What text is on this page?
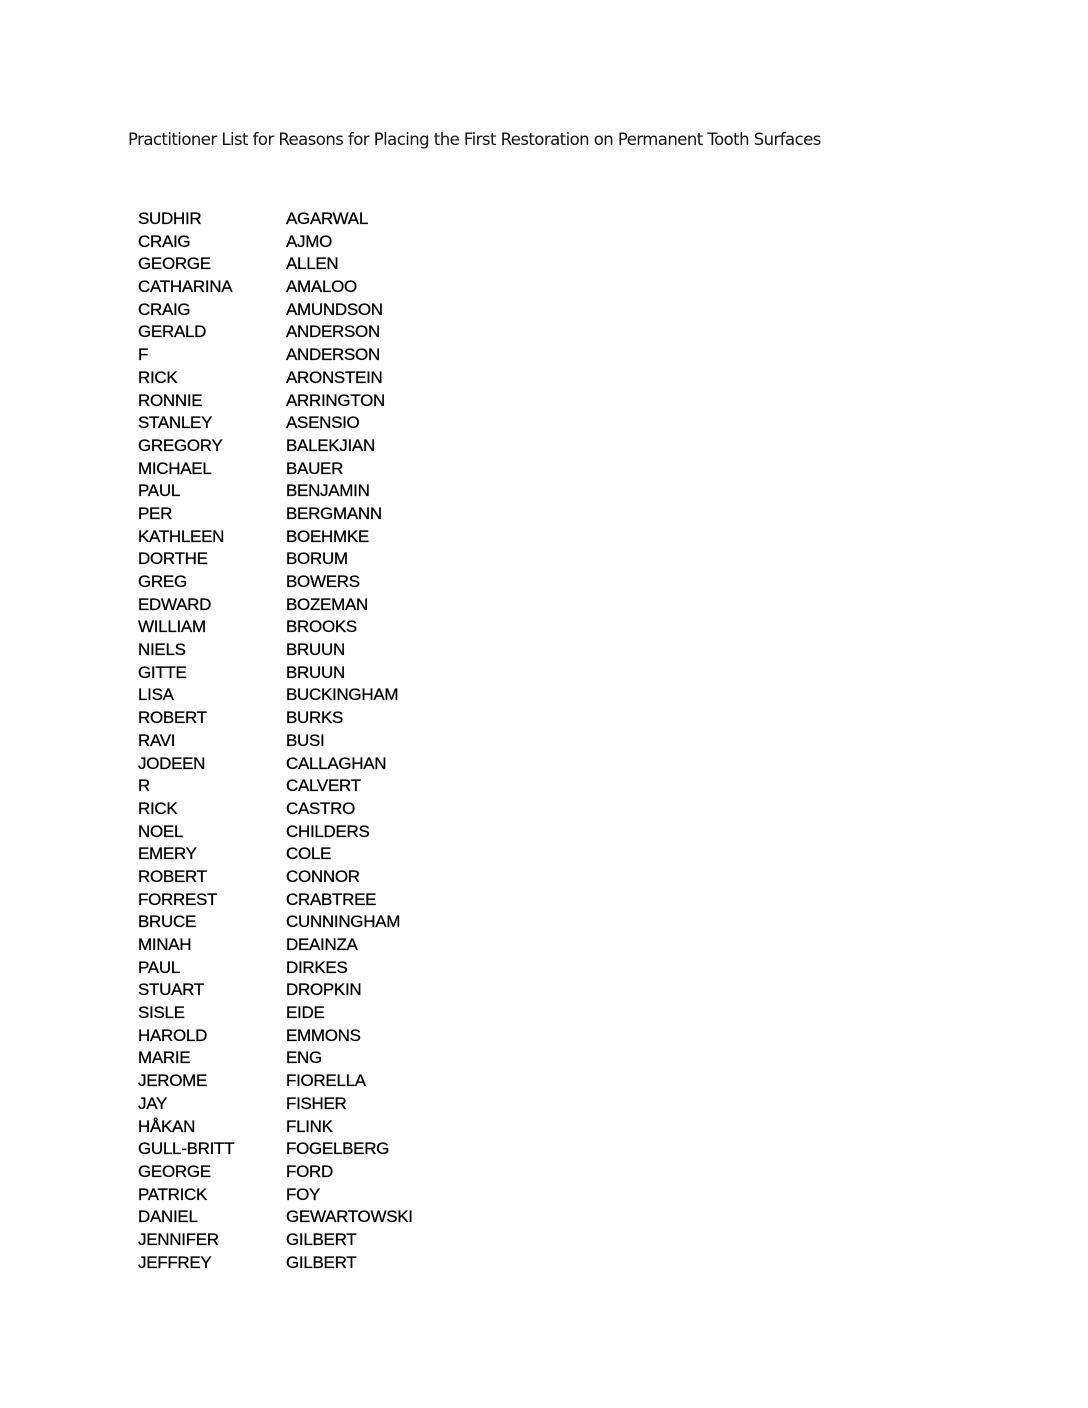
Practitioner List for Reasons for Placing the First Restoration on Permanent Tooth Surfaces
SUDHIR	AGARWAL
CRAIG	AJMO
GEORGE	ALLEN
CATHARINA	AMALOO
CRAIG	AMUNDSON
GERALD	ANDERSON
F	ANDERSON
RICK	ARONSTEIN
RONNIE	ARRINGTON
STANLEY	ASENSIO
GREGORY	BALEKJIAN
MICHAEL	BAUER
PAUL	BENJAMIN
PER	BERGMANN
KATHLEEN	BOEHMKE
DORTHE	BORUM
GREG	BOWERS
EDWARD	BOZEMAN
WILLIAM	BROOKS
NIELS	BRUUN
GITTE	BRUUN
LISA	BUCKINGHAM
ROBERT	BURKS
RAVI	BUSI
JODEEN	CALLAGHAN
R	CALVERT
RICK	CASTRO
NOEL	CHILDERS
EMERY	COLE
ROBERT	CONNOR
FORREST	CRABTREE
BRUCE	CUNNINGHAM
MINAH	DEAINZA
PAUL	DIRKES
STUART	DROPKIN
SISLE	EIDE
HAROLD	EMMONS
MARIE	ENG
JEROME	FIORELLA
JAY	FISHER
HÅKAN	FLINK
GULL-BRITT	FOGELBERG
GEORGE	FORD
PATRICK	FOY
DANIEL	GEWARTOWSKI
JENNIFER	GILBERT
JEFFREY	GILBERT
